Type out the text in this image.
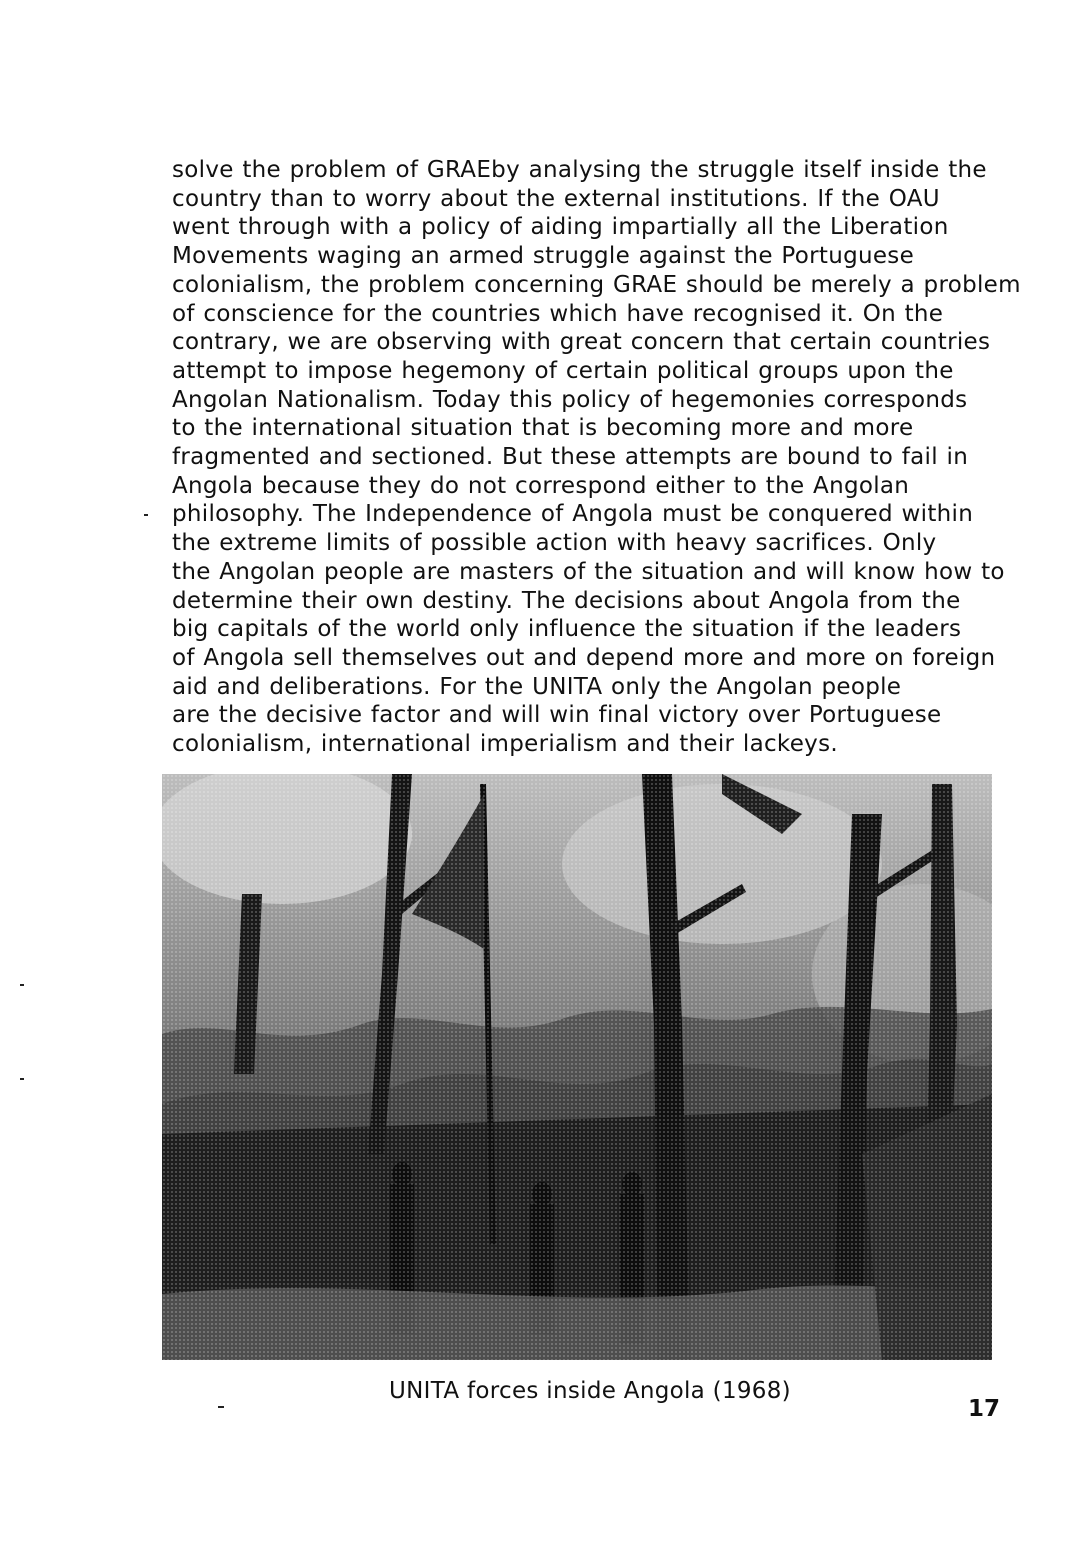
solve the problem of GRAEby analysing the struggle itself inside the
country than to worry about the external institutions. If the OAU
went through with a policy of aiding impartially all the Liberation
Movements waging an armed struggle against the Portuguese
colonialism, the problem concerning GRAE should be merely a problem
of conscience for the countries which have recognised it. On the
contrary, we are observing with great concern that certain countries
attempt to impose hegemony of certain political groups upon the
Angolan Nationalism. Today this policy of hegemonies corresponds
to the international situation that is becoming more and more
fragmented and sectioned. But these attempts are bound to fail in
Angola because they do not correspond either to the Angolan
philosophy. The Independence of Angola must be conquered within
the extreme limits of possible action with heavy sacrifices. Only
the Angolan people are masters of the situation and will know how to
determine their own destiny. The decisions about Angola from the
big capitals of the world only influence the situation if the leaders
of Angola sell themselves out and depend more and more on foreign
aid and deliberations. For the UNITA only the Angolan people
are the decisive factor and will win final victory over Portuguese
colonialism, international imperialism and their lackeys.
UNITA forces inside Angola (1968)
17
